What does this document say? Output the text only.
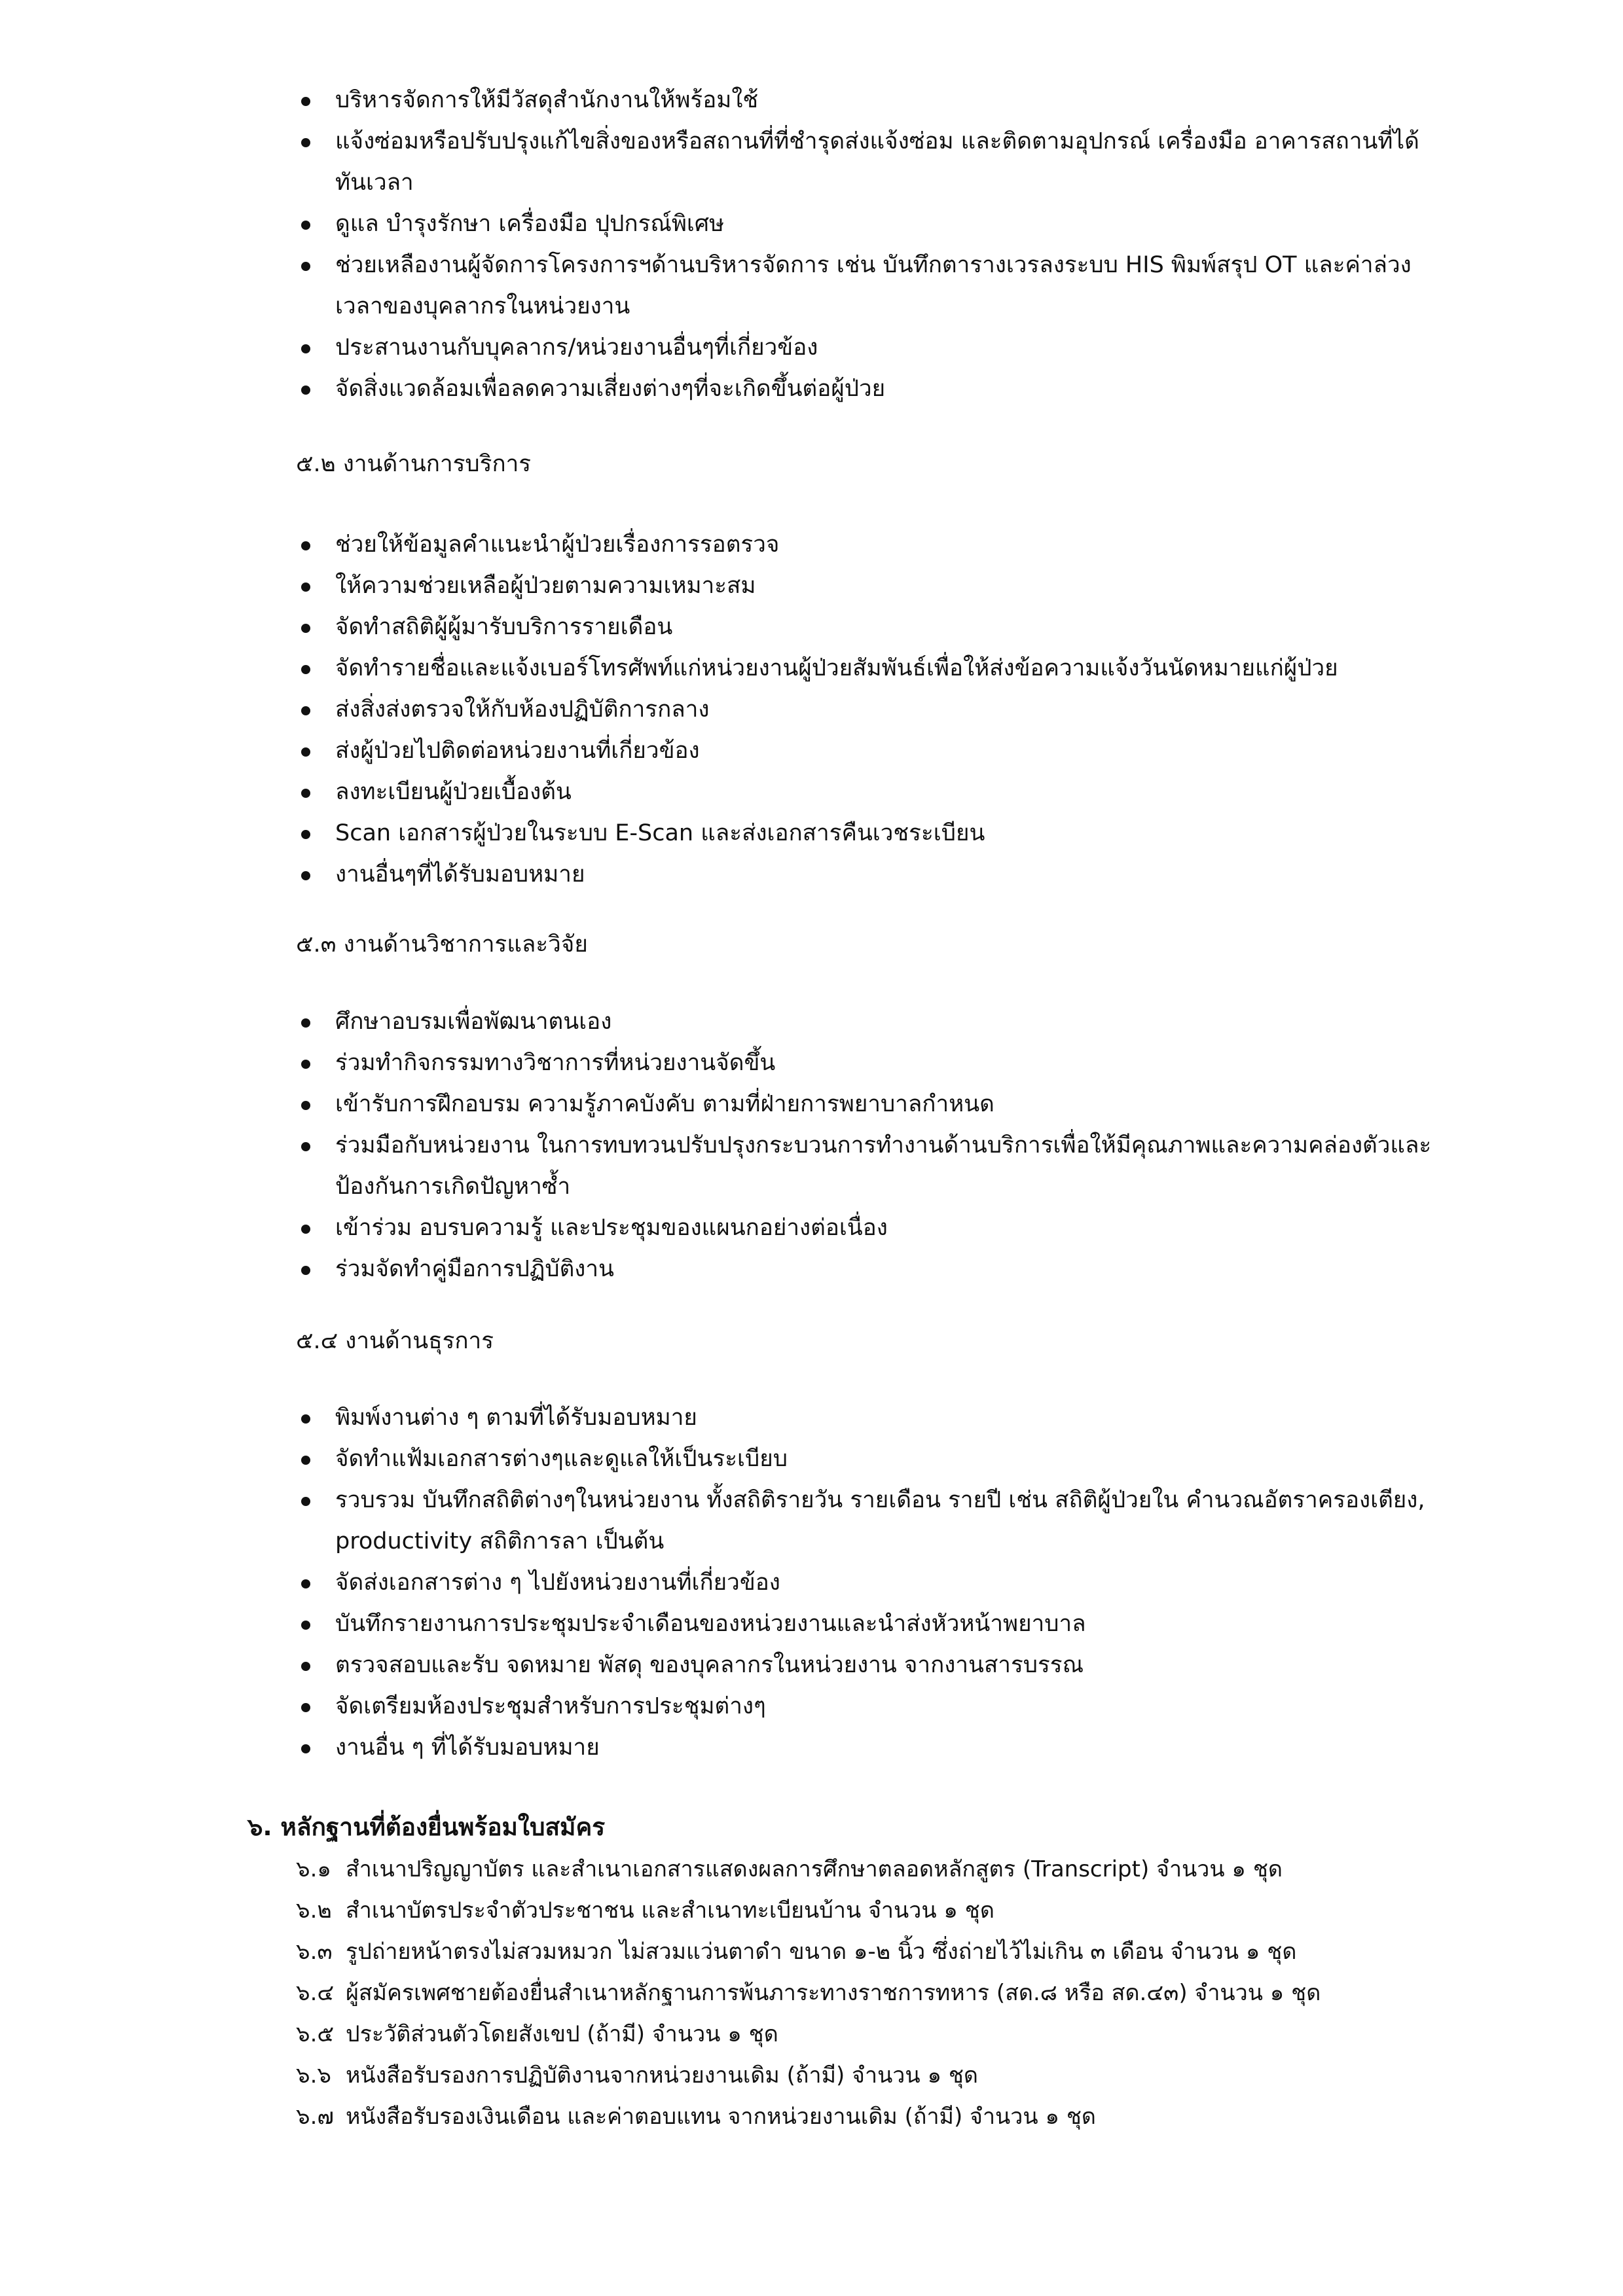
บริหารจัดการให้มีวัสดุสำนักงานให้พร้อมใช้
แจ้งซ่อมหรือปรับปรุงแก้ไขสิ่งของหรือสถานที่ที่ชำรุดส่งแจ้งซ่อม และติดตามอุปกรณ์ เครื่องมือ อาคารสถานที่ได้ทันเวลา
ดูแล บำรุงรักษา เครื่องมือ ปุปกรณ์พิเศษ
ช่วยเหลืองานผู้จัดการโครงการฯด้านบริหารจัดการ เช่น บันทึกตารางเวรลงระบบ HIS พิมพ์สรุป OT และค่าล่วงเวลาของบุคลากรในหน่วยงาน
ประสานงานกับบุคลากร/หน่วยงานอื่นๆที่เกี่ยวข้อง
จัดสิ่งแวดล้อมเพื่อลดความเสี่ยงต่างๆที่จะเกิดขึ้นต่อผู้ป่วย

๕.๒ งานด้านการบริการ

ช่วยให้ข้อมูลคำแนะนำผู้ป่วยเรื่องการรอตรวจ
ให้ความช่วยเหลือผู้ป่วยตามความเหมาะสม
จัดทำสถิติผู้ผู้มารับบริการรายเดือน
จัดทำรายชื่อและแจ้งเบอร์โทรศัพท์แก่หน่วยงานผู้ป่วยสัมพันธ์เพื่อให้ส่งข้อความแจ้งวันนัดหมายแก่ผู้ป่วย
ส่งสิ่งส่งตรวจให้กับห้องปฏิบัติการกลาง
ส่งผู้ป่วยไปติดต่อหน่วยงานที่เกี่ยวข้อง
ลงทะเบียนผู้ป่วยเบื้องต้น
Scan เอกสารผู้ป่วยในระบบ E-Scan และส่งเอกสารคืนเวชระเบียน
งานอื่นๆที่ได้รับมอบหมาย

๕.๓ งานด้านวิชาการและวิจัย

ศึกษาอบรมเพื่อพัฒนาตนเอง
ร่วมทำกิจกรรมทางวิชาการที่หน่วยงานจัดขึ้น
เข้ารับการฝึกอบรม ความรู้ภาคบังคับ ตามที่ฝ่ายการพยาบาลกำหนด
ร่วมมือกับหน่วยงาน ในการทบทวนปรับปรุงกระบวนการทำงานด้านบริการเพื่อให้มีคุณภาพและความคล่องตัวและป้องกันการเกิดปัญหาซ้ำ
เข้าร่วม อบรบความรู้ และประชุมของแผนกอย่างต่อเนื่อง
ร่วมจัดทำคู่มือการปฏิบัติงาน

๕.๔ งานด้านธุรการ

พิมพ์งานต่าง ๆ ตามที่ได้รับมอบหมาย
จัดทำแฟ้มเอกสารต่างๆและดูแลให้เป็นระเบียบ
รวบรวม บันทึกสถิติต่างๆในหน่วยงาน ทั้งสถิติรายวัน รายเดือน รายปี เช่น สถิติผู้ป่วยใน คำนวณอัตราครองเตียง, productivity สถิติการลา เป็นต้น
จัดส่งเอกสารต่าง ๆ ไปยังหน่วยงานที่เกี่ยวข้อง
บันทึกรายงานการประชุมประจำเดือนของหน่วยงานและนำส่งหัวหน้าพยาบาล
ตรวจสอบและรับ จดหมาย พัสดุ ของบุคลากรในหน่วยงาน จากงานสารบรรณ
จัดเตรียมห้องประชุมสำหรับการประชุมต่างๆ
งานอื่น ๆ ที่ได้รับมอบหมาย

๖. หลักฐานที่ต้องยื่นพร้อมใบสมัคร

๖.๑ สำเนาปริญญาบัตร และสำเนาเอกสารแสดงผลการศึกษาตลอดหลักสูตร (Transcript) จำนวน ๑ ชุด
๖.๒ สำเนาบัตรประจำตัวประชาชน และสำเนาทะเบียนบ้าน จำนวน ๑ ชุด
๖.๓ รูปถ่ายหน้าตรงไม่สวมหมวก ไม่สวมแว่นตาดำ ขนาด ๑-๒ นิ้ว ซึ่งถ่ายไว้ไม่เกิน ๓ เดือน จำนวน ๑ ชุด
๖.๔ ผู้สมัครเพศชายต้องยื่นสำเนาหลักฐานการพ้นภาระทางราชการทหาร (สด.๘ หรือ สด.๔๓) จำนวน ๑ ชุด
๖.๕ ประวัติส่วนตัวโดยสังเขป (ถ้ามี) จำนวน ๑ ชุด
๖.๖ หนังสือรับรองการปฏิบัติงานจากหน่วยงานเดิม (ถ้ามี) จำนวน ๑ ชุด
๖.๗ หนังสือรับรองเงินเดือน และค่าตอบแทน จากหน่วยงานเดิม (ถ้ามี) จำนวน ๑ ชุด
